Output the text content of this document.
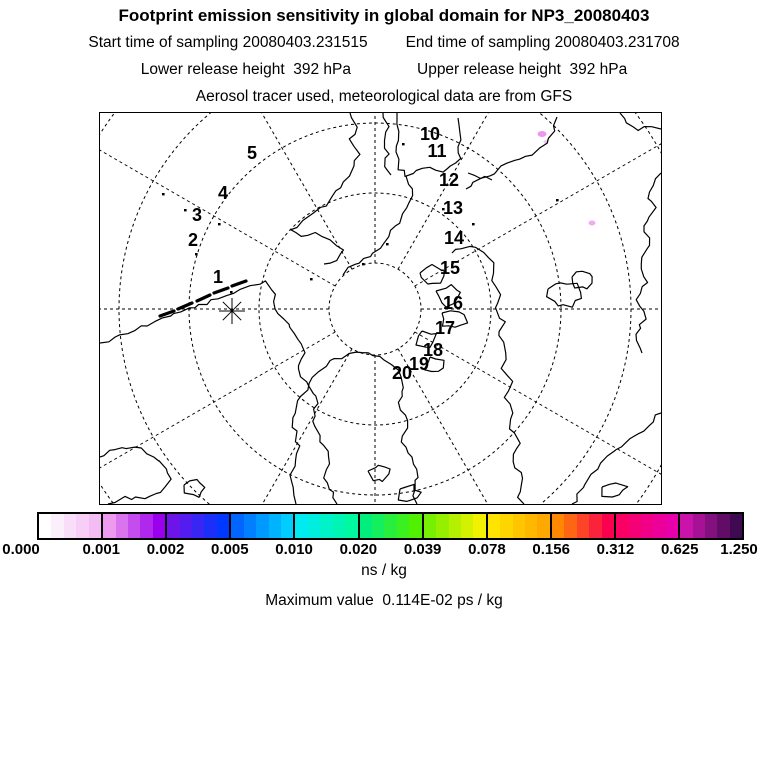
Footprint emission sensitivity in global domain for NP3_20080403
Start time of sampling 20080403.231515 End time of sampling 20080403.231708
Lower release height  392 hPa	Upper release height  392 hPa
Aerosol tracer used, meteorological data are from GFS
1
2
3
4
5
10
11
12
13
14
15
16
17
18
19
20
0.000	0.001 0.002 0.005 0.010 0.020 0.039 0.078 0.156 0.312 0.625 1.250
ns / kg
Maximum value  0.114E-02 ps / kg
